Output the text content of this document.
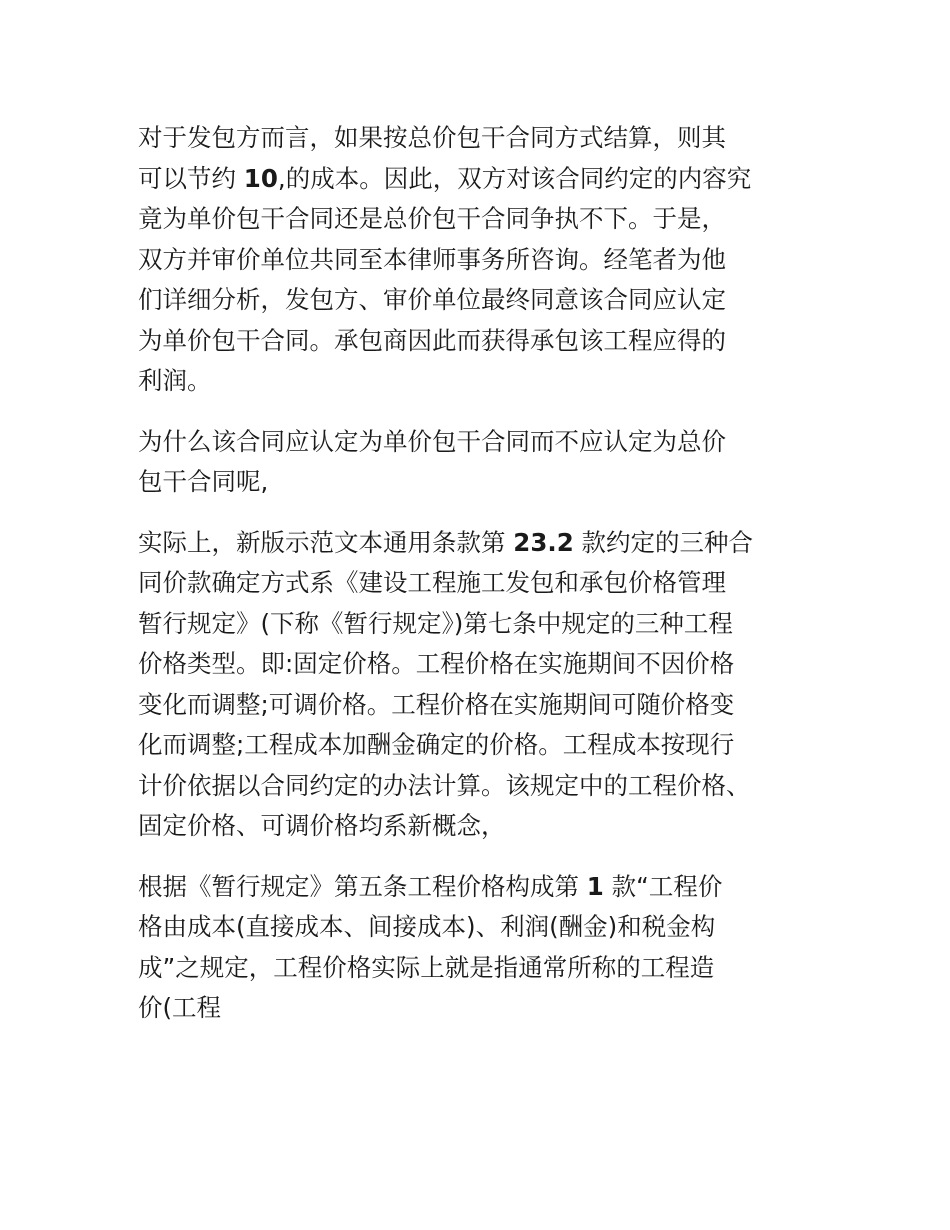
对于发包方而言，如果按总价包干合同方式结算，则其
可以节约 10,的成本。因此，双方对该合同约定的内容究
竟为单价包干合同还是总价包干合同争执不下。于是，
双方并审价单位共同至本律师事务所咨询。经笔者为他
们详细分析，发包方、审价单位最终同意该合同应认定
为单价包干合同。承包商因此而获得承包该工程应得的
利润。

为什么该合同应认定为单价包干合同而不应认定为总价
包干合同呢,

实际上，新版示范文本通用条款第 23.2 款约定的三种合
同价款确定方式系《建设工程施工发包和承包价格管理
暂行规定》(下称《暂行规定》)第七条中规定的三种工程
价格类型。即:固定价格。工程价格在实施期间不因价格
变化而调整;可调价格。工程价格在实施期间可随价格变
化而调整;工程成本加酬金确定的价格。工程成本按现行
计价依据以合同约定的办法计算。该规定中的工程价格、
固定价格、可调价格均系新概念，

根据《暂行规定》第五条工程价格构成第 1 款“工程价
格由成本(直接成本、间接成本)、利润(酬金)和税金构
成”之规定，工程价格实际上就是指通常所称的工程造
价(工程
